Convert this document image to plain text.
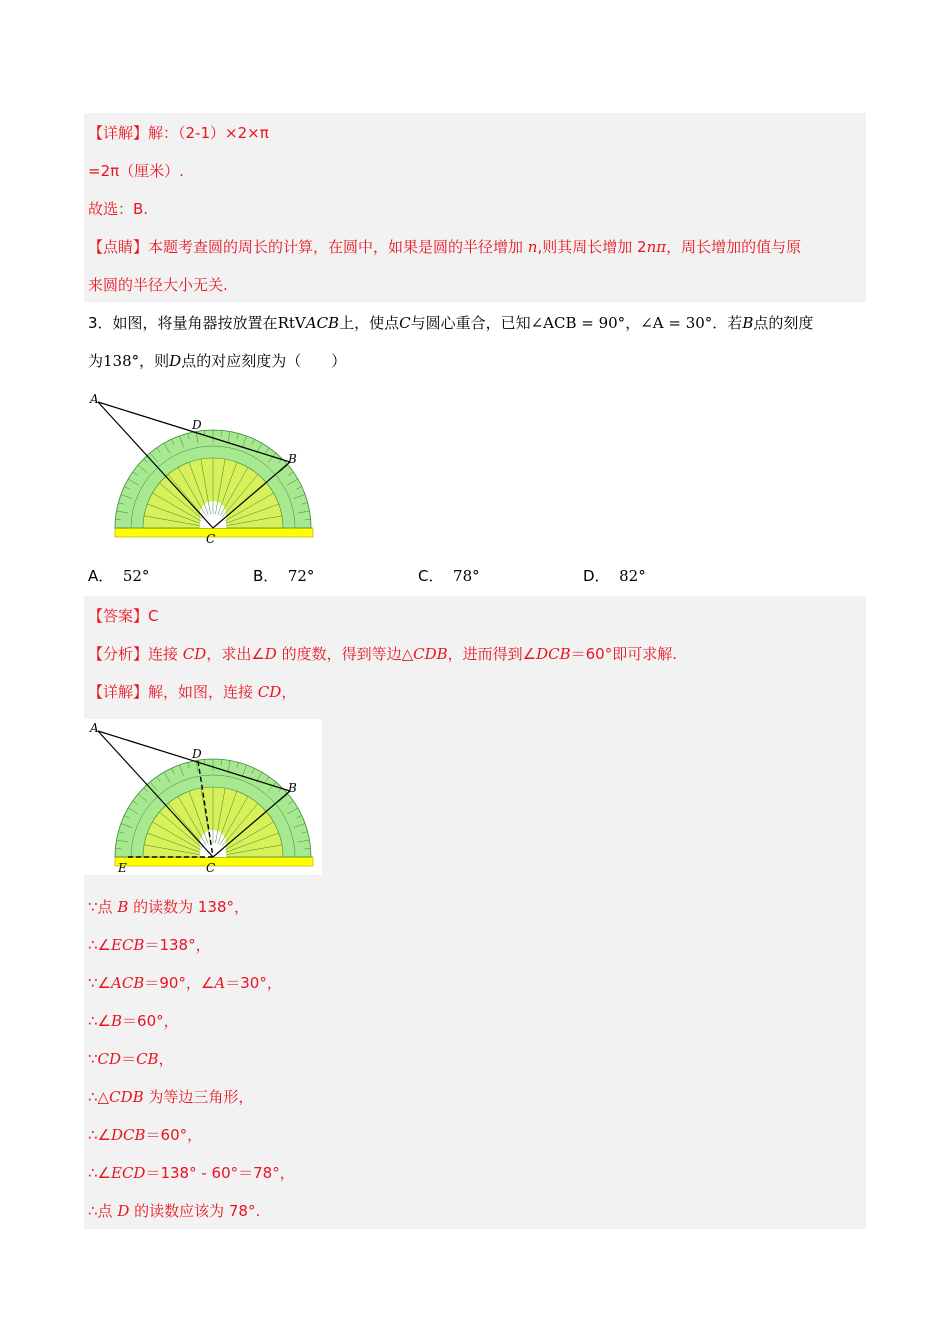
【详解】解：（2-1）×2×π
=2π（厘米）.
故选：B.
【点睛】本题考查圆的周长的计算，在圆中，如果是圆的半径增加 n,则其周长增加 2nπ，周长增加的值与原
来圆的半径大小无关.
3．如图，将量角器按放置在RtVACB上，使点C与圆心重合，已知∠ACB = 90°，∠A = 30°．若B点的刻度
为138°，则D点的对应刻度为（　　）
A
D
B
C
A． 52°	B． 72°	C． 78°	D． 82°
【答案】C
【分析】连接 CD，求出∠D 的度数，得到等边△CDB，进而得到∠DCB＝60°即可求解.
【详解】解，如图，连接 CD，
A
D
B
C
E
∵点 B 的读数为 138°，
∴∠ECB＝138°，
∵∠ACB＝90°，∠A＝30°，
∴∠B＝60°，
∵CD＝CB，
∴△CDB 为等边三角形，
∴∠DCB＝60°，
∴∠ECD＝138° - 60°＝78°，
∴点 D 的读数应该为 78°.
